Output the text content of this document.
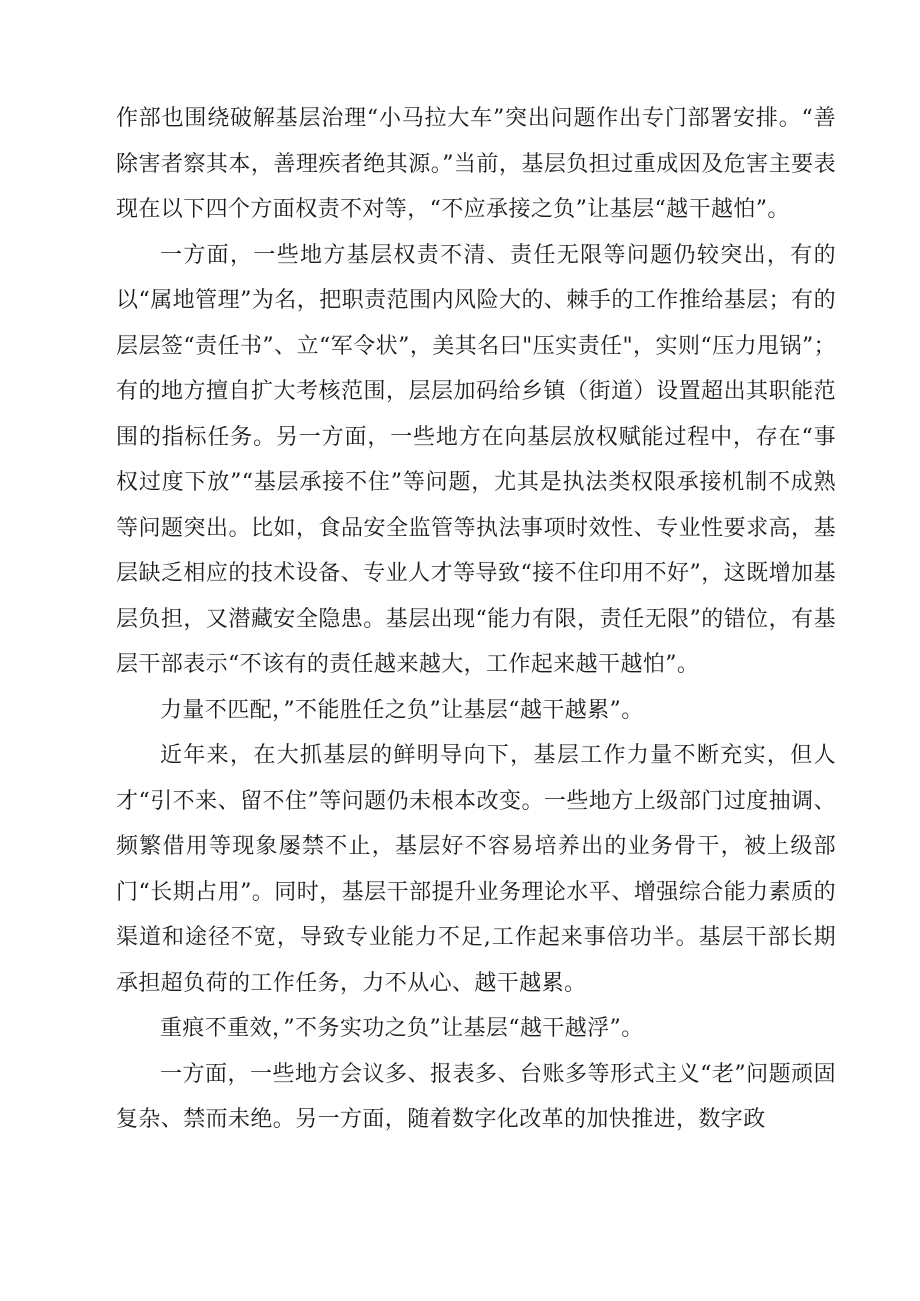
作部也围绕破解基层治理“小马拉大车”突出问题作出专门部署安排。“善除害者察其本，善理疾者绝其源。”当前，基层负担过重成因及危害主要表现在以下四个方面权责不对等，“不应承接之负”让基层“越干越怕”。

一方面，一些地方基层权责不清、责任无限等问题仍较突出，有的以“属地管理”为名，把职责范围内风险大的、棘手的工作推给基层；有的层层签“责任书”、立“军令状”，美其名曰"压实责任"，实则“压力甩锅”；有的地方擅自扩大考核范围，层层加码给乡镇（街道）设置超出其职能范围的指标任务。另一方面，一些地方在向基层放权赋能过程中，存在“事权过度下放”“基层承接不住”等问题，尤其是执法类权限承接机制不成熟等问题突出。比如，食品安全监管等执法事项时效性、专业性要求高，基层缺乏相应的技术设备、专业人才等导致“接不住印用不好”，这既增加基层负担，又潜藏安全隐患。基层出现“能力有限，责任无限”的错位，有基层干部表示“不该有的责任越来越大，工作起来越干越怕”。

力量不匹配，”不能胜任之负”让基层“越干越累”。

近年来，在大抓基层的鲜明导向下，基层工作力量不断充实，但人才“引不来、留不住”等问题仍未根本改变。一些地方上级部门过度抽调、频繁借用等现象屡禁不止，基层好不容易培养出的业务骨干，被上级部门“长期占用”。同时，基层干部提升业务理论水平、增强综合能力素质的渠道和途径不宽，导致专业能力不足,工作起来事倍功半。基层干部长期承担超负荷的工作任务，力不从心、越干越累。

重痕不重效，”不务实功之负”让基层“越干越浮”。

一方面，一些地方会议多、报表多、台账多等形式主义“老”问题顽固复杂、禁而未绝。另一方面，随着数字化改革的加快推进，数字政
